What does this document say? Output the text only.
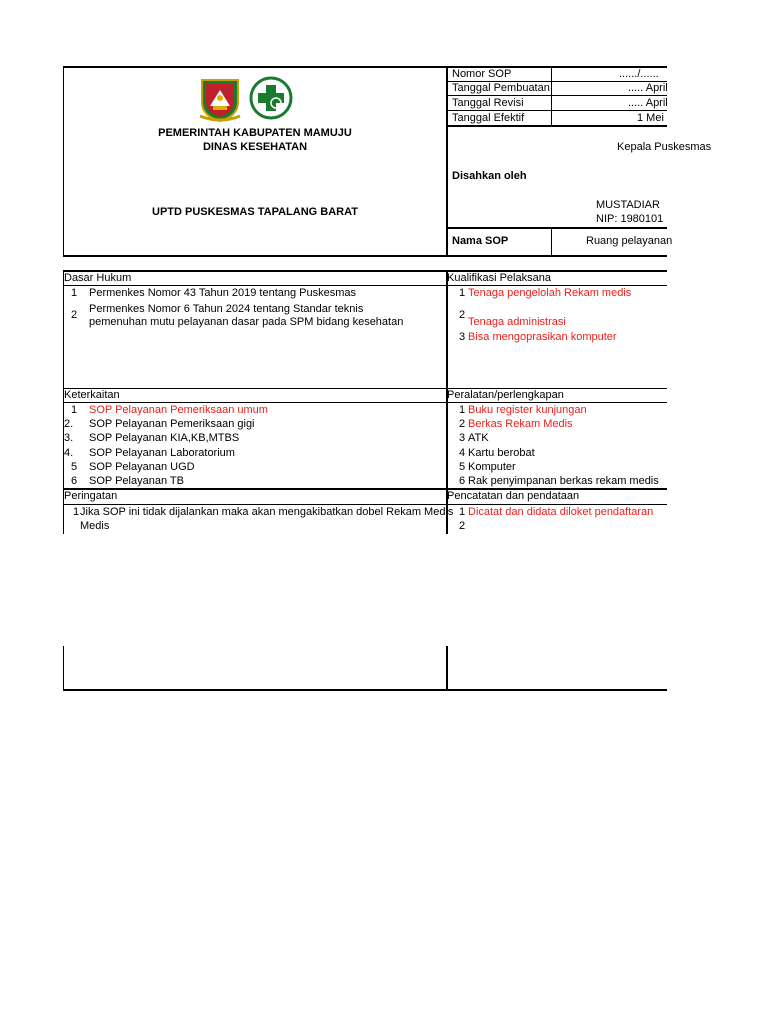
PEMERINTAH KABUPATEN MAMUJU
DINAS KESEHATAN
UPTD PUSKESMAS TAPALANG BARAT
Nomor SOP	....../......
Tanggal Pembuatan	..... April
Tanggal Revisi	..... April
Tanggal Efektif	1 Mei
Disahkan oleh
Kepala Puskesmas
MUSTADIAR
NIP: 1980101
Nama SOP	Ruang pelayanan
Dasar Hukum
1 Permenkes Nomor 43 Tahun 2019 tentang Puskesmas
2 Permenkes Nomor 6 Tahun 2024 tentang Standar teknis
pemenuhan mutu pelayanan dasar pada SPM bidang kesehatan
Kualifikasi Pelaksana
1 Tenaga pengelolah Rekam medis
2
Tenaga administrasi
3 Bisa mengoprasikan komputer
Keterkaitan
1 SOP Pelayanan Pemeriksaan umum
2. SOP Pelayanan Pemeriksaan gigi
3. SOP Pelayanan KIA,KB,MTBS
4. SOP Pelayanan Laboratorium
5 SOP Pelayanan UGD
6 SOP Pelayanan TB
Peralatan/perlengkapan
1 Buku register kunjungan
2 Berkas Rekam Medis
3 ATK
4 Kartu berobat
5 Komputer
6 Rak penyimpanan berkas rekam medis
Peringatan
1 Jika SOP ini tidak dijalankan maka akan mengakibatkan dobel Rekam Medis
Medis
Pencatatan dan pendataan
1 Dicatat dan didata diloket pendaftaran
2
